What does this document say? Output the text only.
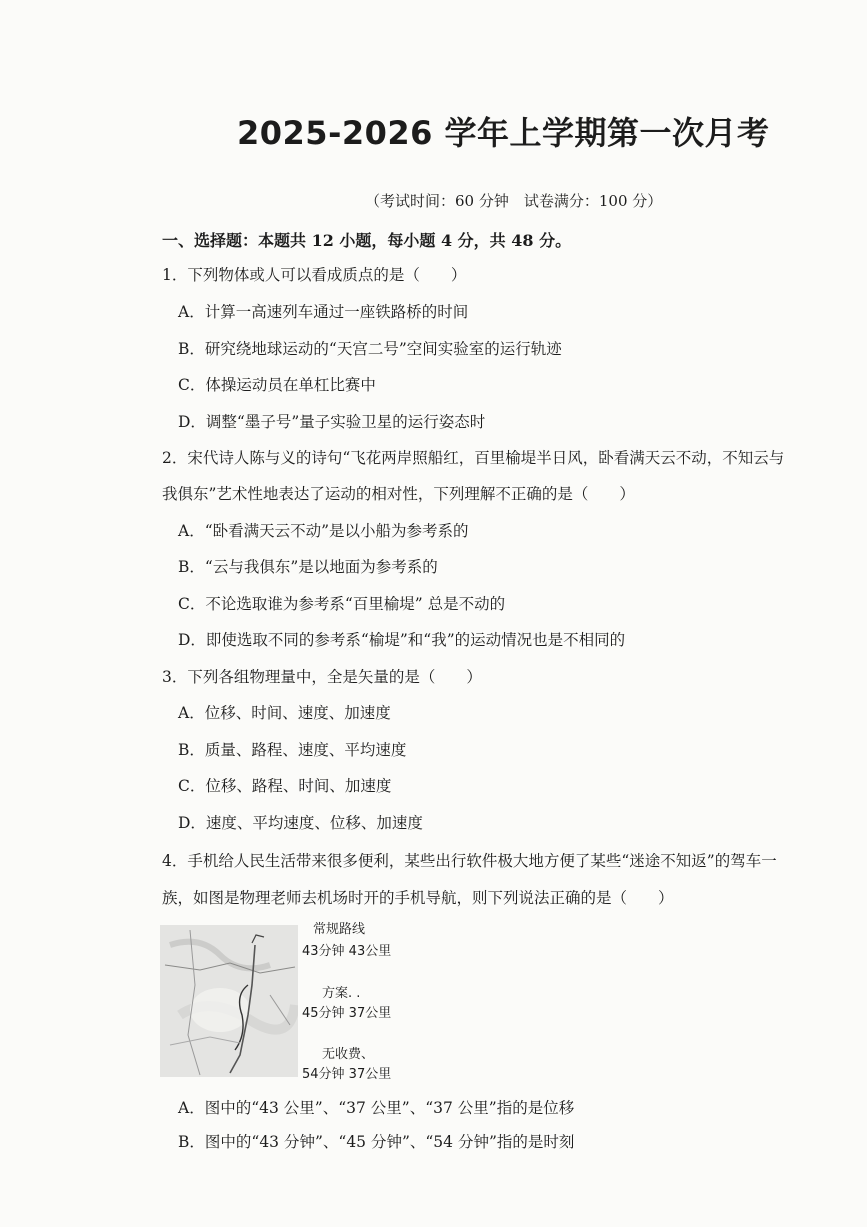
2025-2026 学年上学期第一次月考
（考试时间：60 分钟　试卷满分：100 分）
一、选择题：本题共 12 小题，每小题 4 分，共 48 分。
1．下列物体或人可以看成质点的是（　　）
A．计算一高速列车通过一座铁路桥的时间
B．研究绕地球运动的“天宫二号”空间实验室的运行轨迹
C．体操运动员在单杠比赛中
D．调整“墨子号”量子实验卫星的运行姿态时
2．宋代诗人陈与义的诗句“飞花两岸照船红，百里榆堤半日风，卧看满天云不动，不知云与
我俱东”艺术性地表达了运动的相对性，下列理解不正确的是（　　）
A．“卧看满天云不动”是以小船为参考系的
B．“云与我俱东”是以地面为参考系的
C．不论选取谁为参考系“百里榆堤” 总是不动的
D．即使选取不同的参考系“榆堤”和“我”的运动情况也是不相同的
3．下列各组物理量中，全是矢量的是（　　）
A．位移、时间、速度、加速度
B．质量、路程、速度、平均速度
C．位移、路程、时间、加速度
D．速度、平均速度、位移、加速度
4．手机给人民生活带来很多便利，某些出行软件极大地方便了某些“迷途不知返”的驾车一
族，如图是物理老师去机场时开的手机导航，则下列说法正确的是（　　）
常规路线
43分钟 43公里
方案. .
45分钟 37公里
无收费、
54分钟 37公里
A．图中的“43 公里”、“37 公里”、“37 公里”指的是位移
B．图中的“43 分钟”、“45 分钟”、“54 分钟”指的是时刻
